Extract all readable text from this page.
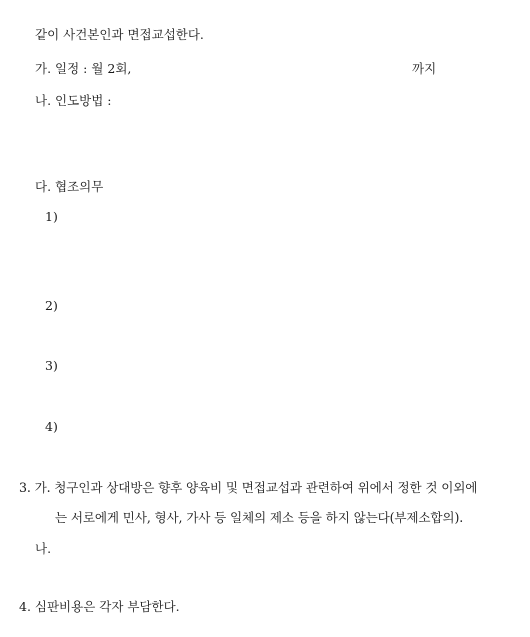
같이 사건본인과 면접교섭한다.
가. 일정 : 월 2회,	까지
나. 인도방법 :
다. 협조의무
1)
2)
3)
4)
3. 가. 청구인과 상대방은 향후 양육비 및 면접교섭과 관련하여 위에서 정한 것 이외에
는 서로에게 민사, 형사, 가사 등 일체의 제소 등을 하지 않는다(부제소합의).
나.
4. 심판비용은 각자 부담한다.
